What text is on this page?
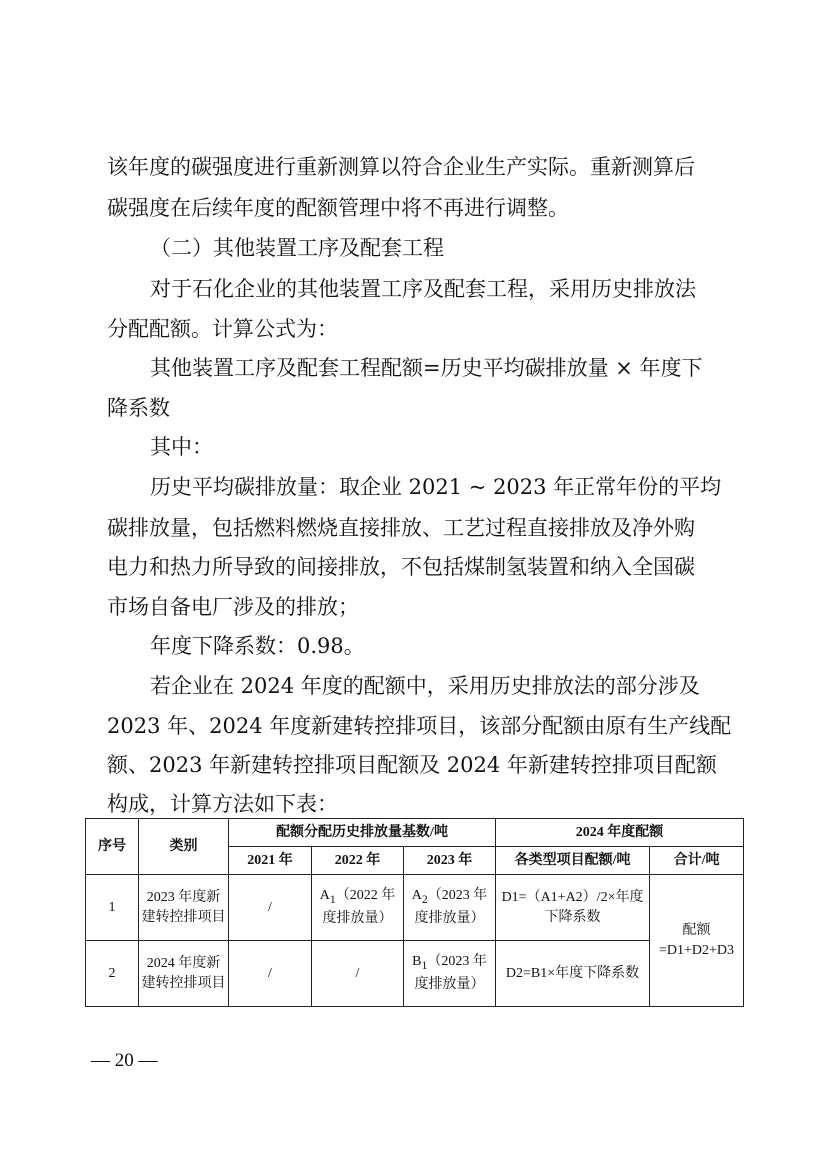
该年度的碳强度进行重新测算以符合企业生产实际。重新测算后
碳强度在后续年度的配额管理中将不再进行调整。
（二）其他装置工序及配套工程
对于石化企业的其他装置工序及配套工程，采用历史排放法
分配配额。计算公式为：
其他装置工序及配套工程配额=历史平均碳排放量 × 年度下
降系数
其中：
历史平均碳排放量：取企业 2021 ~ 2023 年正常年份的平均
碳排放量，包括燃料燃烧直接排放、工艺过程直接排放及净外购
电力和热力所导致的间接排放，不包括煤制氢装置和纳入全国碳
市场自备电厂涉及的排放；
年度下降系数：0.98。
若企业在 2024 年度的配额中，采用历史排放法的部分涉及
2023 年、2024 年度新建转控排项目，该部分配额由原有生产线配
额、2023 年新建转控排项目配额及 2024 年新建转控排项目配额
构成，计算方法如下表：
序号	类别	配额分配历史排放量基数/吨			2024 年度配额	
		2021 年	2022 年	2023 年	各类型项目配额/吨	合计/吨
1	2023 年度新建转控排项目	/	$A_1(2022$ 年度排放量）	$A_2(2023$ 年度排放量）	D1=（A1+A2）/2×年度下降系数	配额
=D1+D2+D3

2	2024 年度新建转控排项目	/	/	$B_1(2023$ 年度排放量）	D2=B1×年度下降系数	
— 20 —
